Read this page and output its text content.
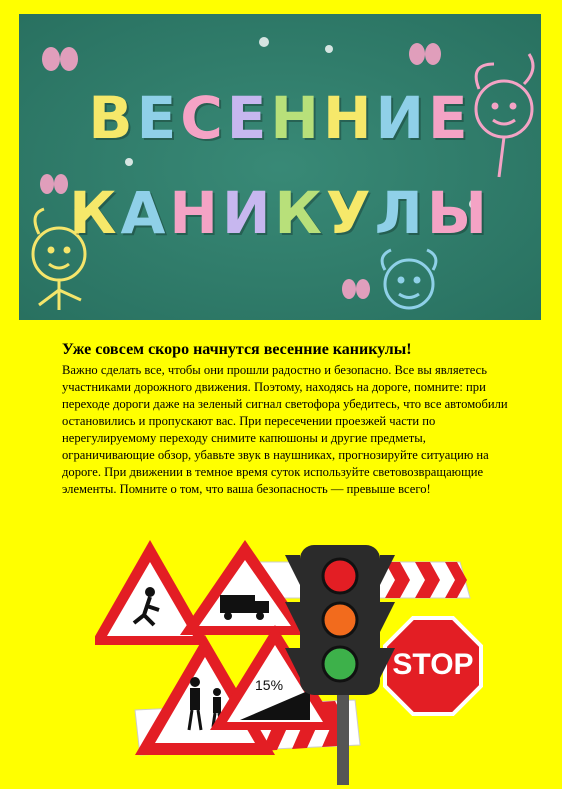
ВЕСЕННИЕ
КАНИКУЛЫ

Уже совсем скоро начнутся весенние каникулы!

Важно сделать все, чтобы они прошли радостно и безопасно. Все вы являетесь участниками дорожного движения. Поэтому, находясь на дороге, помните: при переходе дороги даже на зеленый сигнал светофора убедитесь, что все автомобили остановились и пропускают вас. При пересечении проезжей части по нерегулируемому переходу снимите капюшоны и другие предметы, ограничивающие обзор, убавьте звук в наушниках, прогнозируйте ситуацию на дороге. При движении в темное время суток используйте световозвращающие элементы. Помните о том, что ваша безопасность — превыше всего!

15%
STOP
